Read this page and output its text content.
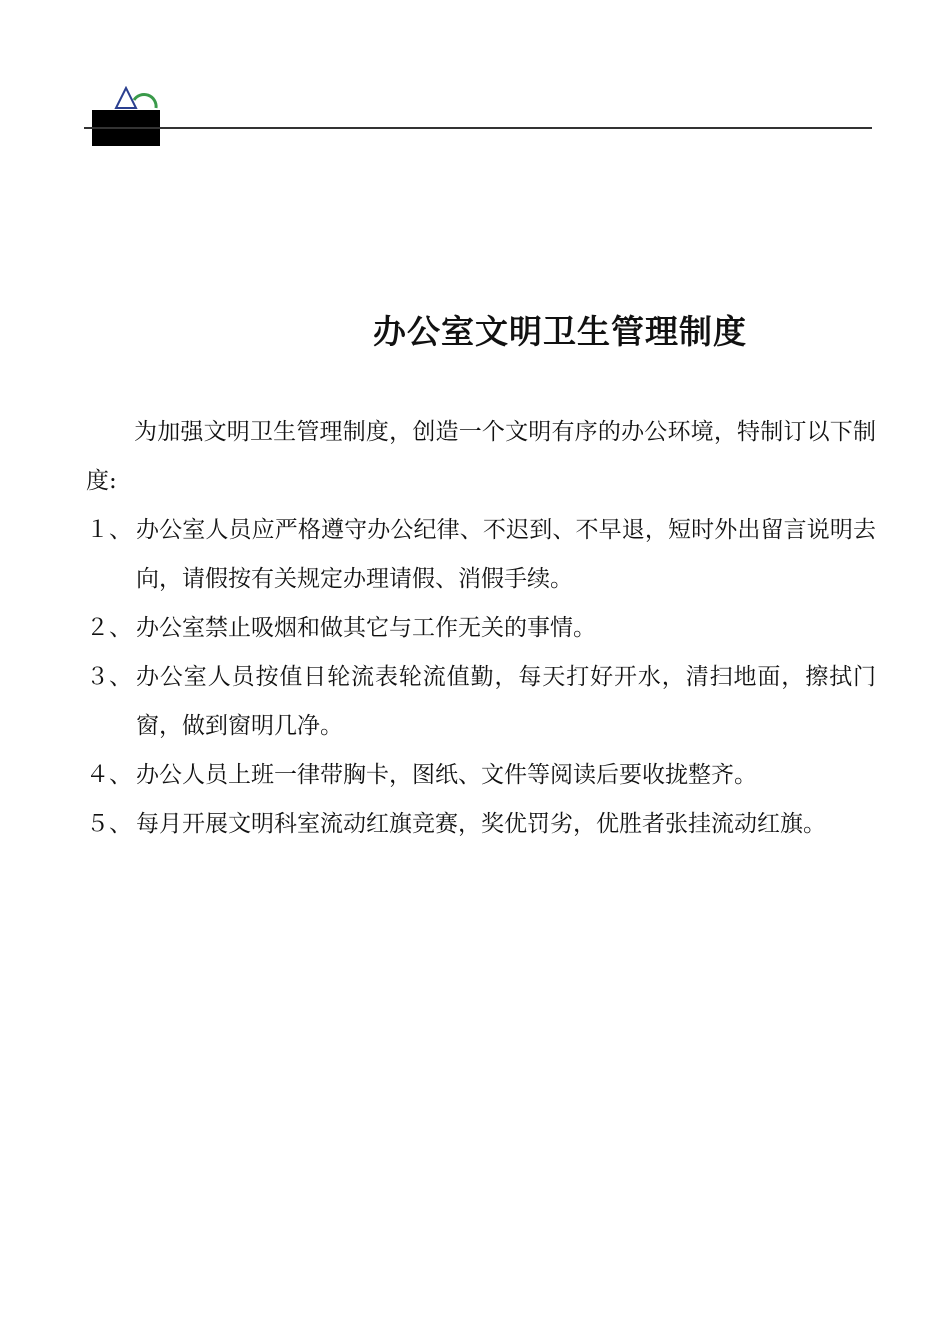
办公室文明卫生管理制度

为加强文明卫生管理制度，创造一个文明有序的办公环境，特制订以下制度:

１、 办公室人员应严格遵守办公纪律、不迟到、不早退，短时外出留言说明去向，请假按有关规定办理请假、消假手续。
２、 办公室禁止吸烟和做其它与工作无关的事情。
３、 办公室人员按值日轮流表轮流值勤，每天打好开水，清扫地面，擦拭门窗，做到窗明几净。
４、 办公人员上班一律带胸卡，图纸、文件等阅读后要收拢整齐。
５、 每月开展文明科室流动红旗竞赛，奖优罚劣，优胜者张挂流动红旗。
